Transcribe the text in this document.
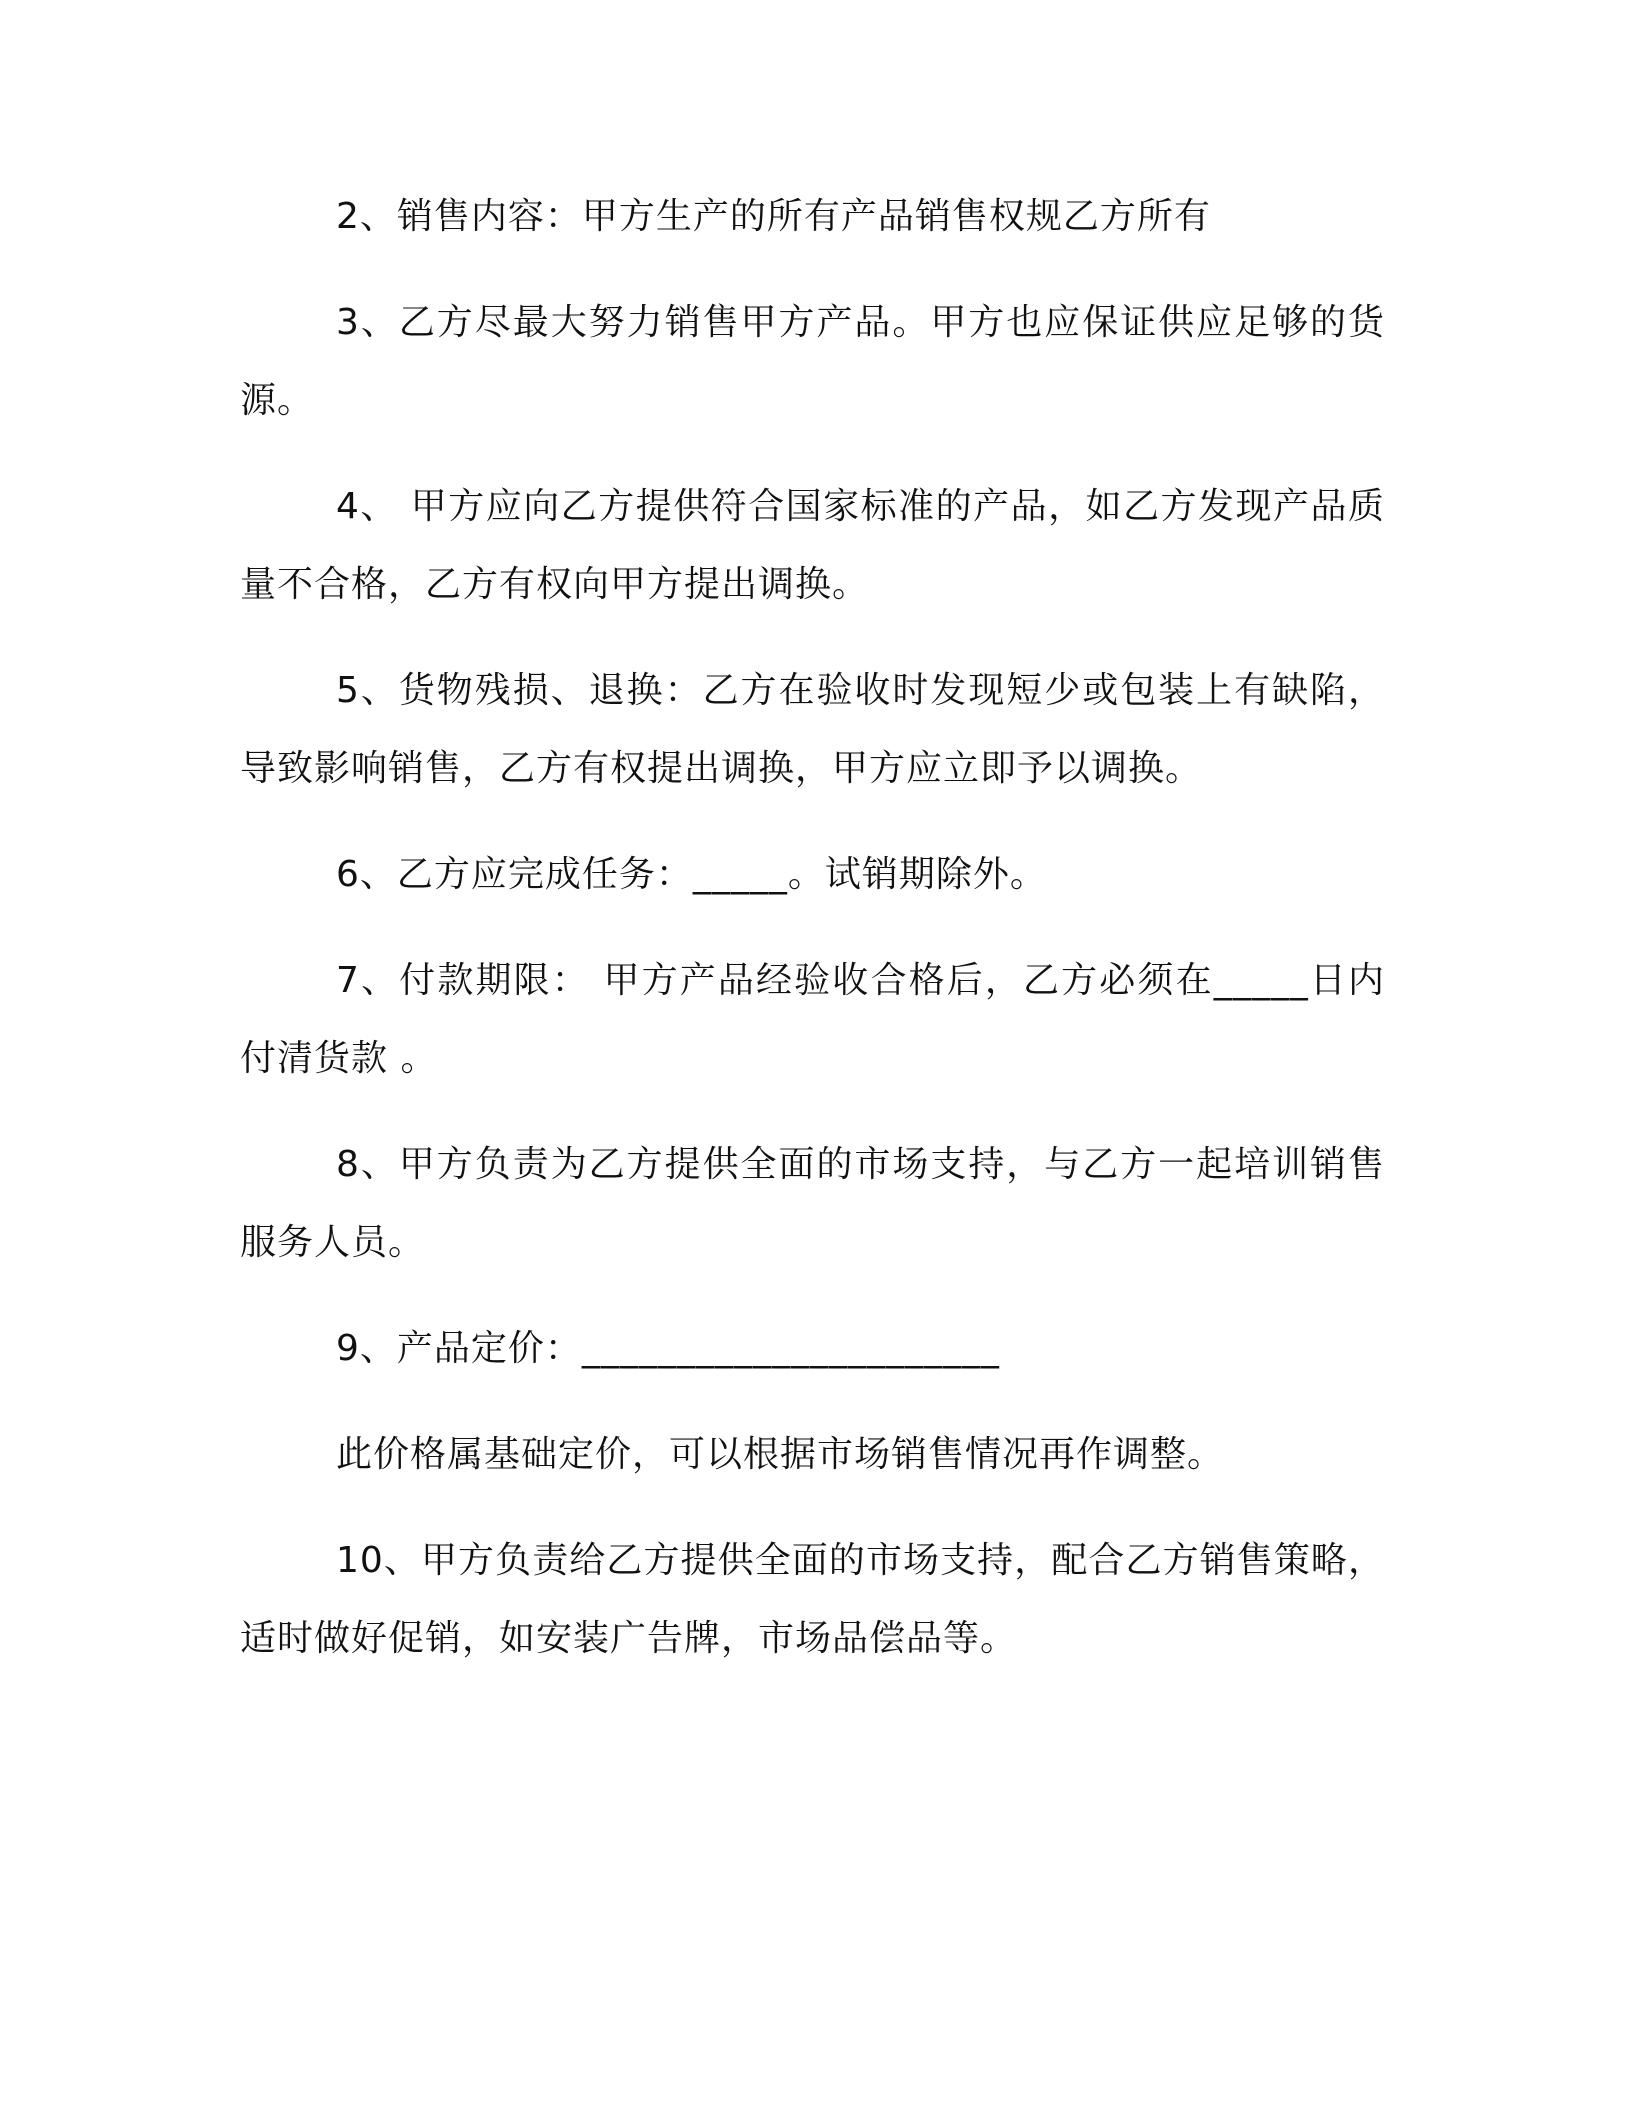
2、销售内容：甲方生产的所有产品销售权规乙方所有

3、乙方尽最大努力销售甲方产品。甲方也应保证供应足够的货源。

4、 甲方应向乙方提供符合国家标准的产品，如乙方发现产品质量不合格，乙方有权向甲方提出调换。

5、货物残损、退换：乙方在验收时发现短少或包装上有缺陷，导致影响销售，乙方有权提出调换，甲方应立即予以调换。

6、乙方应完成任务：_____。试销期除外。

7、付款期限： 甲方产品经验收合格后，乙方必须在_____日内付清货款 。

8、甲方负责为乙方提供全面的市场支持，与乙方一起培训销售服务人员。

9、产品定价：______________________

此价格属基础定价，可以根据市场销售情况再作调整。

10、甲方负责给乙方提供全面的市场支持，配合乙方销售策略，适时做好促销，如安装广告牌，市场品偿品等。
